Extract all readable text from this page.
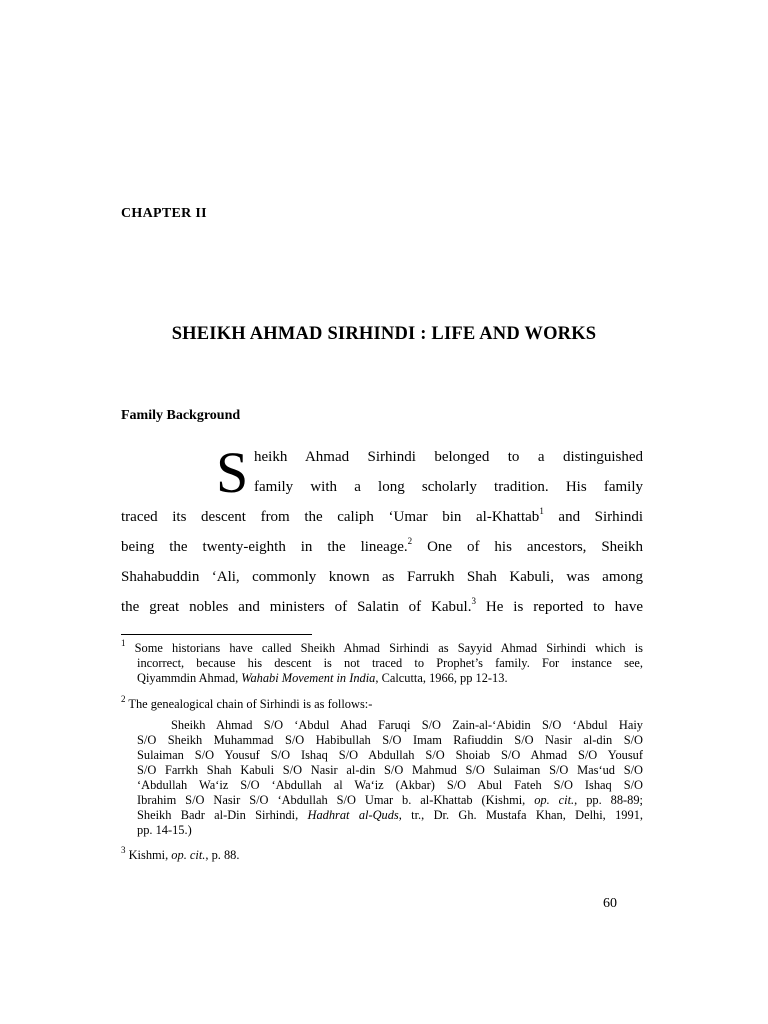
CHAPTER II
SHEIKH AHMAD SIRHINDI : LIFE AND WORKS
Family Background
S heikh Ahmad Sirhindi belonged to a distinguished
family with a long scholarly tradition. His family
traced its descent from the caliph ‘Umar bin al-Khattab$^1$ and Sirhindi
being the twenty-eighth in the lineage.$^2$ One of his ancestors, Sheikh
Shahabuddin ‘Ali, commonly known as Farrukh Shah Kabuli, was among
the great nobles and ministers of Salatin of Kabul.$^3$ He is reported to have
$^1$ Some historians have called Sheikh Ahmad Sirhindi as Sayyid Ahmad Sirhindi which is
incorrect, because his descent is not traced to Prophet’s family. For instance see,
Qiyammdin Ahmad, Wahabi Movement in India, Calcutta, 1966, pp 12-13.
$^2$ The genealogical chain of Sirhindi is as follows:-
Sheikh Ahmad S/O ‘Abdul Ahad Faruqi S/O Zain-al-‘Abidin S/O ‘Abdul Haiy
S/O Sheikh Muhammad S/O Habibullah S/O Imam Rafiuddin S/O Nasir al-din S/O
Sulaiman S/O Yousuf S/O Ishaq S/O Abdullah S/O Shoiab S/O Ahmad S/O Yousuf
S/O Farrkh Shah Kabuli S/O Nasir al-din S/O Mahmud S/O Sulaiman S/O Mas‘ud S/O
‘Abdullah Wa‘iz S/O ‘Abdullah al Wa‘iz (Akbar) S/O Abul Fateh S/O Ishaq S/O
Ibrahim S/O Nasir S/O ‘Abdullah S/O Umar b. al-Khattab (Kishmi, op. cit., pp. 88-89;
Sheikh Badr al-Din Sirhindi, Hadhrat al-Quds, tr., Dr. Gh. Mustafa Khan, Delhi, 1991,
pp. 14-15.)
$^3$ Kishmi, op. cit., p. 88.
60
